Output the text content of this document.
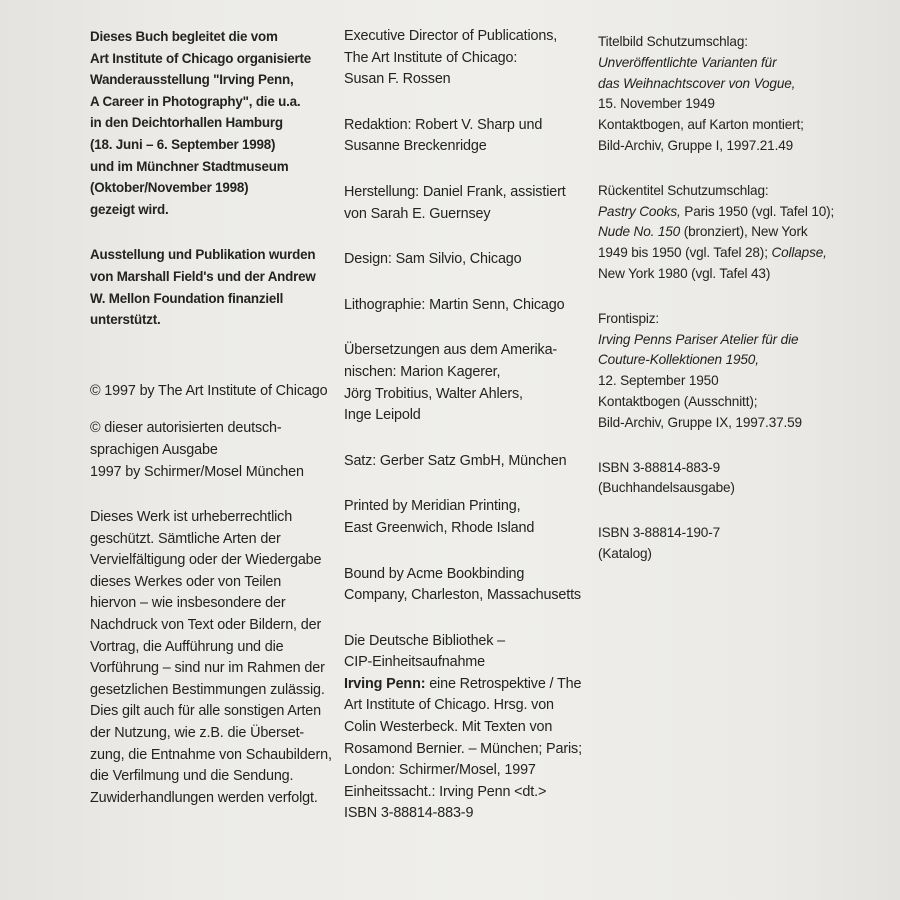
Dieses Buch begleitet die vom
Art Institute of Chicago organisierte
Wanderausstellung "Irving Penn,
A Career in Photography", die u.a.
in den Deichtorhallen Hamburg
(18. Juni – 6. September 1998)
und im Münchner Stadtmuseum
(Oktober/November 1998)
gezeigt wird.
Ausstellung und Publikation wurden
von Marshall Field's und der Andrew
W. Mellon Foundation finanziell
unterstützt.
© 1997 by The Art Institute of Chicago
© dieser autorisierten deutsch-
sprachigen Ausgabe
1997 by Schirmer/Mosel München
Dieses Werk ist urheberrechtlich
geschützt. Sämtliche Arten der
Vervielfältigung oder der Wiedergabe
dieses Werkes oder von Teilen
hiervon – wie insbesondere der
Nachdruck von Text oder Bildern, der
Vortrag, die Aufführung und die
Vorführung – sind nur im Rahmen der
gesetzlichen Bestimmungen zulässig.
Dies gilt auch für alle sonstigen Arten
der Nutzung, wie z.B. die Überset-
zung, die Entnahme von Schaubildern,
die Verfilmung und die Sendung.
Zuwiderhandlungen werden verfolgt.
Executive Director of Publications,
The Art Institute of Chicago:
Susan F. Rossen
Redaktion: Robert V. Sharp und
Susanne Breckenridge
Herstellung: Daniel Frank, assistiert
von Sarah E. Guernsey
Design: Sam Silvio, Chicago
Lithographie: Martin Senn, Chicago
Übersetzungen aus dem Amerika-
nischen: Marion Kagerer,
Jörg Trobitius, Walter Ahlers,
Inge Leipold
Satz: Gerber Satz GmbH, München
Printed by Meridian Printing,
East Greenwich, Rhode Island
Bound by Acme Bookbinding
Company, Charleston, Massachusetts
Die Deutsche Bibliothek –
CIP-Einheitsaufnahme
Irving Penn: eine Retrospektive / The
Art Institute of Chicago. Hrsg. von
Colin Westerbeck. Mit Texten von
Rosamond Bernier. – München; Paris;
London: Schirmer/Mosel, 1997
Einheitssacht.: Irving Penn <dt.>
ISBN 3-88814-883-9
Titelbild Schutzumschlag:
Unveröffentlichte Varianten für
das Weihnachtscover von Vogue,
15. November 1949
Kontaktbogen, auf Karton montiert;
Bild-Archiv, Gruppe I, 1997.21.49
Rückentitel Schutzumschlag:
Pastry Cooks, Paris 1950 (vgl. Tafel 10);
Nude No. 150 (bronziert), New York
1949 bis 1950 (vgl. Tafel 28); Collapse,
New York 1980 (vgl. Tafel 43)
Frontispiz:
Irving Penns Pariser Atelier für die
Couture-Kollektionen 1950,
12. September 1950
Kontaktbogen (Ausschnitt);
Bild-Archiv, Gruppe IX, 1997.37.59
ISBN 3-88814-883-9
(Buchhandelsausgabe)
ISBN 3-88814-190-7
(Katalog)
